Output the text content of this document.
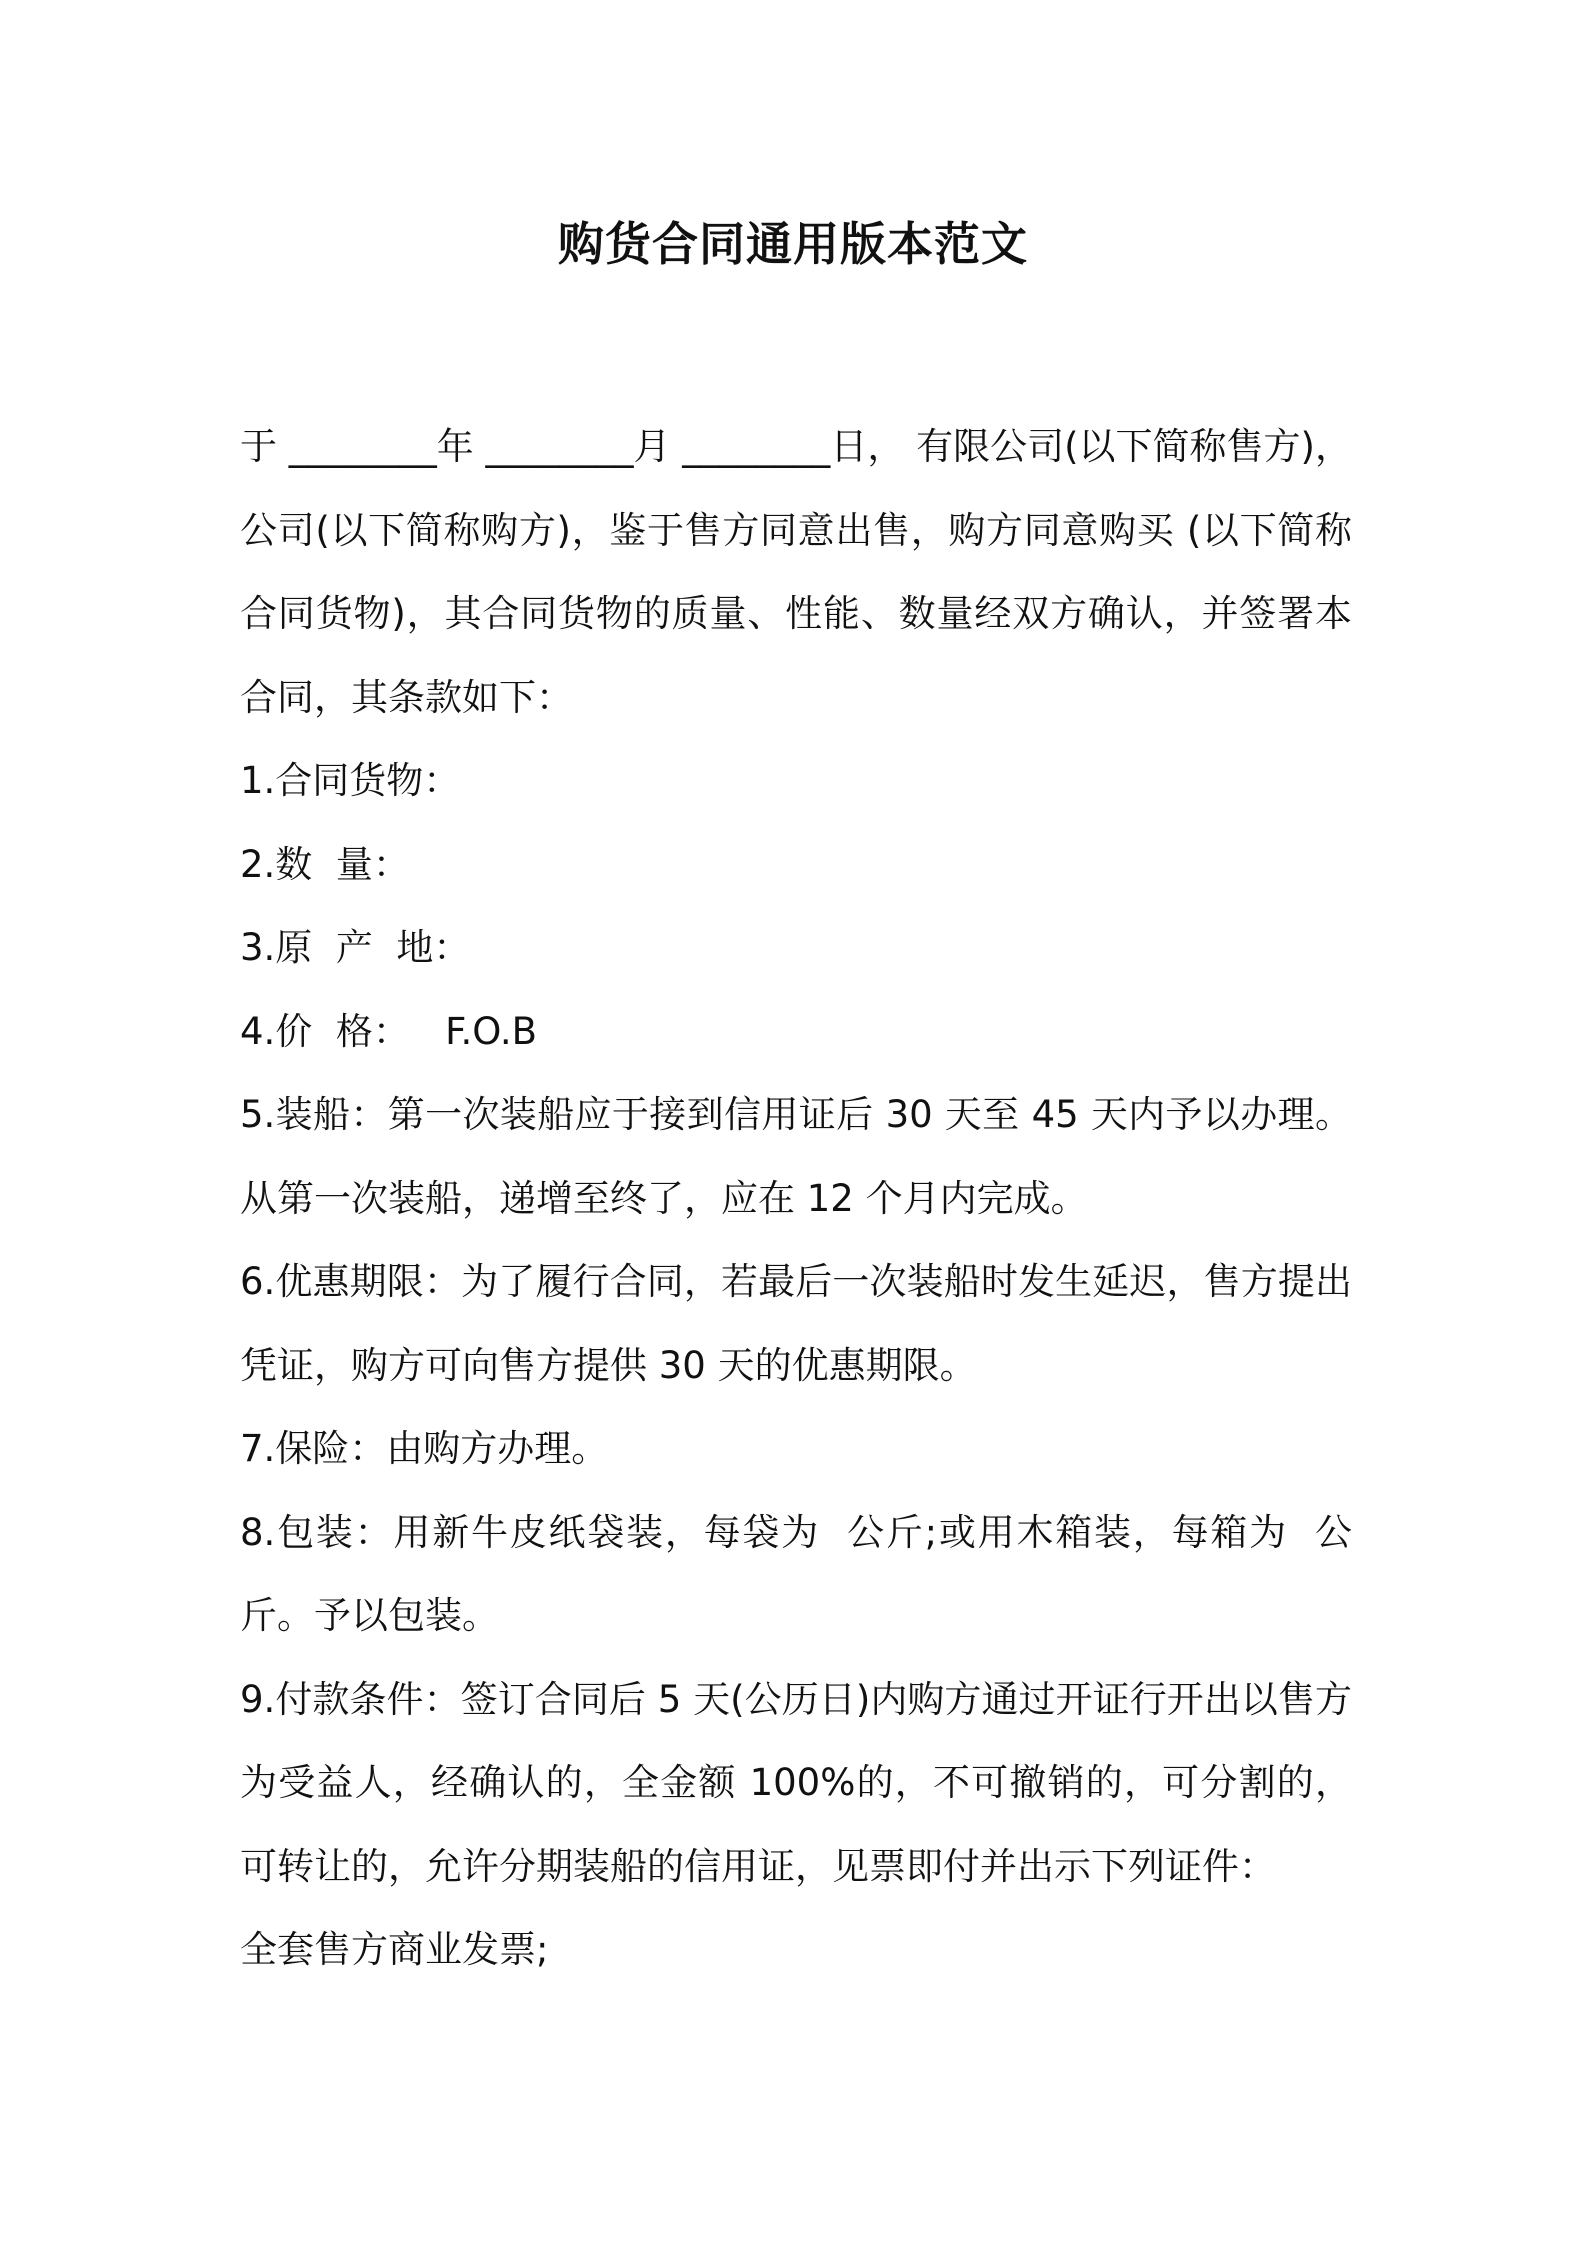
购货合同通用版本范文

于 ________年 ________月 ________日， 有限公司(以下简称售方)， 公司(以下简称购方)，鉴于售方同意出售，购方同意购买 (以下简称合同货物)，其合同货物的质量、性能、数量经双方确认，并签署本合同，其条款如下：

1.合同货物：

2.数  量：

3.原  产  地：

4.价  格：   F.O.B

5.装船：第一次装船应于接到信用证后 30 天至 45 天内予以办理。从第一次装船，递增至终了，应在 12 个月内完成。

6.优惠期限：为了履行合同，若最后一次装船时发生延迟，售方提出凭证，购方可向售方提供 30 天的优惠期限。

7.保险：由购方办理。

8.包装：用新牛皮纸袋装，每袋为  公斤;或用木箱装，每箱为  公斤。予以包装。

9.付款条件：签订合同后 5 天(公历日)内购方通过开证行开出以售方为受益人，经确认的，全金额 100%的，不可撤销的，可分割的，可转让的，允许分期装船的信用证，见票即付并出示下列证件：

全套售方商业发票;
